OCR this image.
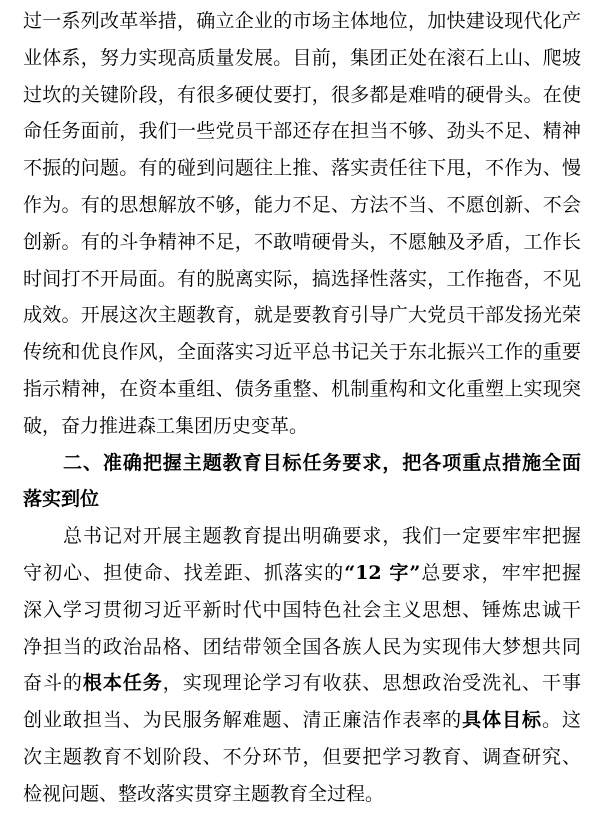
过一系列改革举措，确立企业的市场主体地位，加快建设现代化产
业体系，努力实现高质量发展。目前，集团正处在滚石上山、爬坡
过坎的关键阶段，有很多硬仗要打，很多都是难啃的硬骨头。在使
命任务面前，我们一些党员干部还存在担当不够、劲头不足、精神
不振的问题。有的碰到问题往上推、落实责任往下甩，不作为、慢
作为。有的思想解放不够，能力不足、方法不当、不愿创新、不会
创新。有的斗争精神不足，不敢啃硬骨头，不愿触及矛盾，工作长
时间打不开局面。有的脱离实际，搞选择性落实，工作拖沓，不见
成效。开展这次主题教育，就是要教育引导广大党员干部发扬光荣
传统和优良作风，全面落实习近平总书记关于东北振兴工作的重要
指示精神，在资本重组、债务重整、机制重构和文化重塑上实现突
破，奋力推进森工集团历史变革。
二、准确把握主题教育目标任务要求，把各项重点措施全面
落实到位
总书记对开展主题教育提出明确要求，我们一定要牢牢把握
守初心、担使命、找差距、抓落实的“12 字”总要求，牢牢把握
深入学习贯彻习近平新时代中国特色社会主义思想、锤炼忠诚干
净担当的政治品格、团结带领全国各族人民为实现伟大梦想共同
奋斗的根本任务，实现理论学习有收获、思想政治受洗礼、干事
创业敢担当、为民服务解难题、清正廉洁作表率的具体目标。这
次主题教育不划阶段、不分环节，但要把学习教育、调查研究、
检视问题、整改落实贯穿主题教育全过程。
